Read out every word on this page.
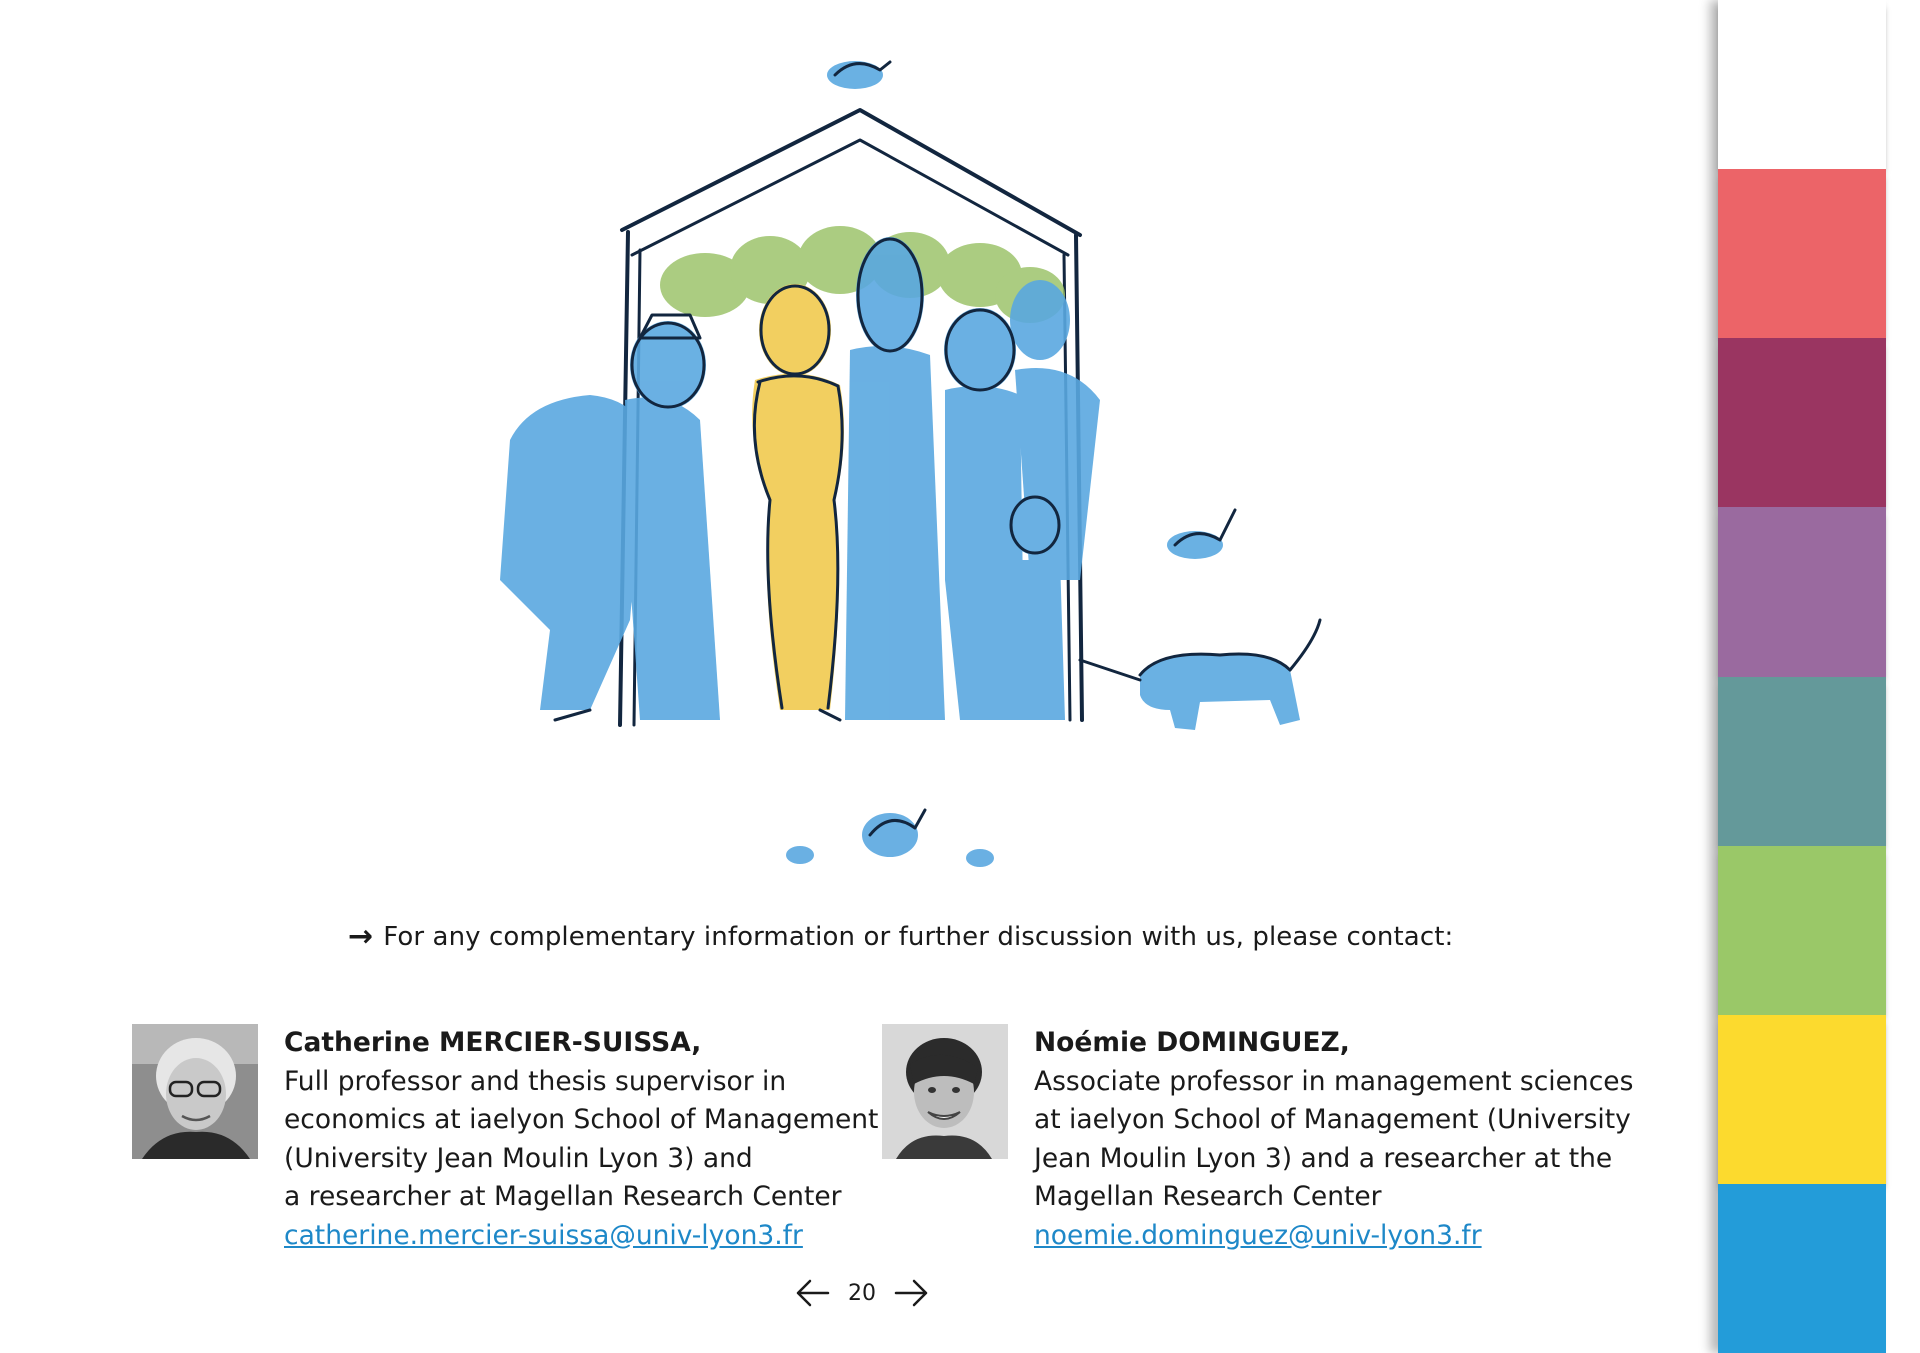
→ For any complementary information or further discussion with us, please contact:
Catherine MERCIER-SUISSA,
Full professor and thesis supervisor in
economics at iaelyon School of Management
(University Jean Moulin Lyon 3) and
a researcher at Magellan Research Center
catherine.mercier-suissa@univ-lyon3.fr
Noémie DOMINGUEZ,
Associate professor in management sciences
at iaelyon School of Management (University
Jean Moulin Lyon 3) and a researcher at the
Magellan Research Center
noemie.dominguez@univ-lyon3.fr
20
